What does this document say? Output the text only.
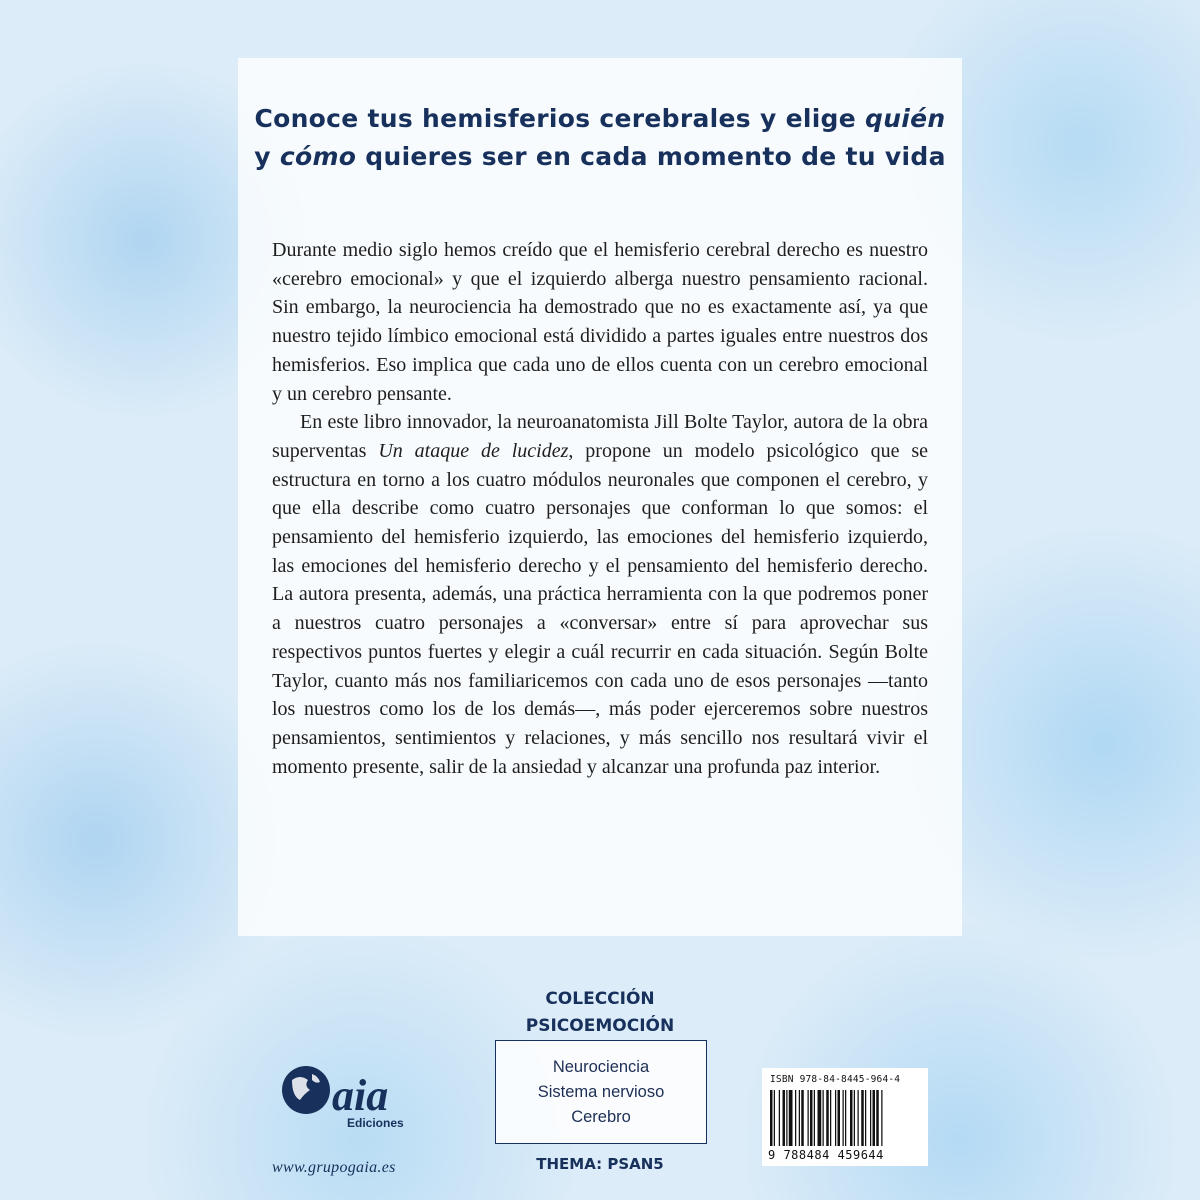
Conoce tus hemisferios cerebrales y elige quién
y cómo quieres ser en cada momento de tu vida

Durante medio siglo hemos creído que el hemisferio cerebral derecho es nuestro «cerebro emocional» y que el izquierdo alberga nuestro pensamiento racional. Sin embargo, la neurociencia ha demostrado que no es exactamente así, ya que nuestro tejido límbico emocional está dividido a partes iguales entre nuestros dos hemisferios. Eso implica que cada uno de ellos cuenta con un cerebro emocional y un cerebro pensante.

En este libro innovador, la neuroanatomista Jill Bolte Taylor, autora de la obra superventas Un ataque de lucidez, propone un modelo psicológico que se estructura en torno a los cuatro módulos neuronales que componen el cerebro, y que ella describe como cuatro personajes que conforman lo que somos: el pensamiento del hemisferio izquierdo, las emociones del hemisferio izquierdo, las emociones del hemisferio derecho y el pensamiento del hemisferio derecho. La autora presenta, además, una práctica herramienta con la que podremos poner a nuestros cuatro personajes a «conversar» entre sí para aprovechar sus respectivos puntos fuertes y elegir a cuál recurrir en cada situación. Según Bolte Taylor, cuanto más nos familiaricemos con cada uno de esos personajes —tanto los nuestros como los de los demás—, más poder ejerceremos sobre nuestros pensamientos, sentimientos y relaciones, y más sencillo nos resultará vivir el momento presente, salir de la ansiedad y alcanzar una profunda paz interior.

COLECCIÓN
PSICOEMOCIÓN
Neurociencia
Sistema nervioso
Cerebro
THEMA: PSAN5
aia
Ediciones
www.grupogaia.es
ISBN 978-84-8445-964-4
9 788484 459644
